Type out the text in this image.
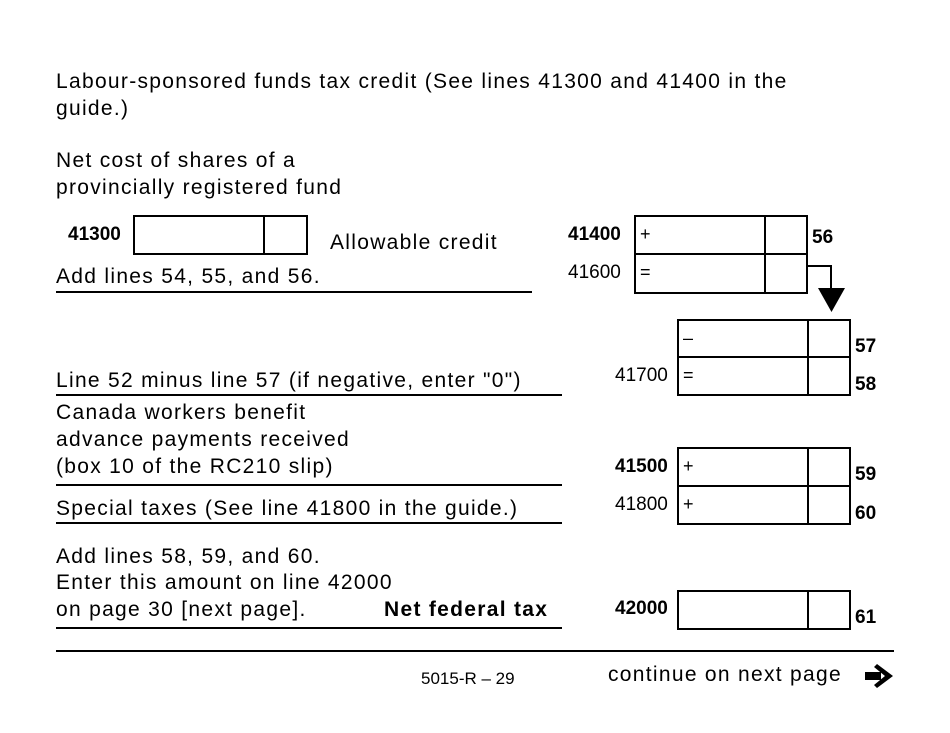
Labour-sponsored funds tax credit (See lines 41300 and 41400 in the
guide.)
Net cost of shares of a
provincially registered fund
41300	Allowable credit	41400 +	56
Add lines 54, 55, and 56.	41600 =
–	57
Line 52 minus line 57 (if negative, enter "0")	41700 =	58
Canada workers benefit
advance payments received
(box 10 of the RC210 slip)	41500 +	59
Special taxes (See line 41800 in the guide.)	41800 +	60
Add lines 58, 59, and 60.
Enter this amount on line 42000
on page 30 [next page].	Net federal tax	42000	61
5015-R – 29	continue on next page
